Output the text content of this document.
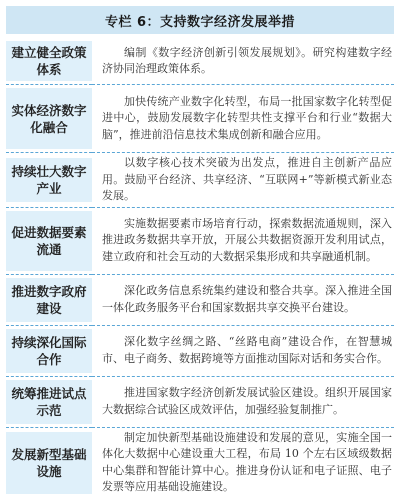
专栏 6：支持数字经济发展举措
建立健全政策体系	编制《数字经济创新引领发展规划》。研究构建数字经济协同治理政策体系。

实体经济数字化融合	加快传统产业数字化转型，布局一批国家数字化转型促进中心，鼓励发展数字化转型共性支撑平台和行业“数据大脑”，推进前沿信息技术集成创新和融合应用。

持续壮大数字产业	以数字核心技术突破为出发点，推进自主创新产品应用。鼓励平台经济、共享经济、“互联网+”等新模式新业态发展。

促进数据要素流通	实施数据要素市场培育行动，探索数据流通规则，深入推进政务数据共享开放，开展公共数据资源开发利用试点，建立政府和社会互动的大数据采集形成和共享融通机制。

推进数字政府建设	深化政务信息系统集约建设和整合共享。深入推进全国一体化政务服务平台和国家数据共享交换平台建设。

持续深化国际合作	深化数字丝绸之路、“丝路电商”建设合作，在智慧城市、电子商务、数据跨境等方面推动国际对话和务实合作。

统筹推进试点示范	推进国家数字经济创新发展试验区建设。组织开展国家大数据综合试验区成效评估，加强经验复制推广。

发展新型基础设施	制定加快新型基础设施建设和发展的意见，实施全国一体化大数据中心建设重大工程，布局 10 个左右区域级数据中心集群和智能计算中心。推进身份认证和电子证照、电子发票等应用基础设施建设。
